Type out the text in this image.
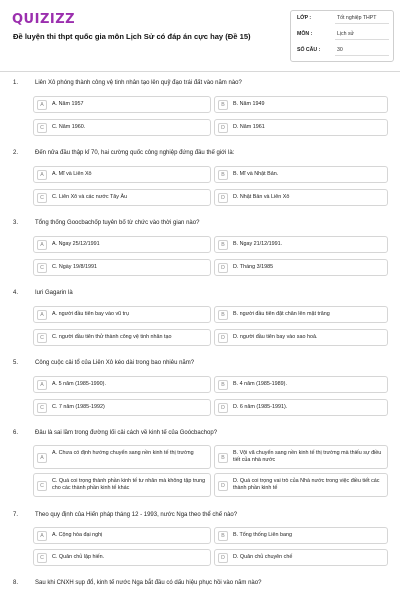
QUIZIZZ
Đề luyện thi thpt quốc gia môn Lịch Sử có đáp án cực hay (Đề 15)
LỚP :	Tốt nghiệp THPT
MÔN :	Lịch sử
SỐ CÂU :	30
1.	Liên Xô phóng thành công vệ tinh nhân tạo lên quỹ đạo trái đất vào năm nào?
A	A. Năm 1957	B	B. Năm 1949
C	C. Năm 1960.	D	D. Năm 1961
2.	Đến nửa đầu thập kỉ 70, hai cường quốc công nghiệp đứng đầu thế giới là:
A	A. Mĩ và Liên Xô	B	B. Mĩ và Nhật Bản.
C	C. Liên Xô và các nước Tây Âu	D	D. Nhật Bản và Liên Xô
3.	Tổng thống Goocbachốp tuyên bố từ chức vào thời gian nào?
A	A. Ngay 25/12/1991	B	B. Ngay 21/12/1991.
C	C. Ngày 19/8/1991	D	D. Tháng 3/1985
4.	Iuri Gagarin là
A	A. người đầu tiên bay vào vũ trụ	B	B. người đầu tiên đặt chân lên mặt trăng
C	C. người đầu tiên thử thành công vệ tinh nhân tạo	D	D. người đầu tiên bay vào sao hoả.
5.	Công cuộc cải tổ của Liên Xô kéo dài trong bao nhiêu năm?
A	A. 5 năm (1985-1990).	B	B. 4 năm (1985-1989).
C	C. 7 năm (1985-1992)	D	D. 6 năm (1985-1991).
6.	Đâu là sai lầm trong đường lối cải cách về kinh tế của Goócbachop?
A
A. Chưa có định hướng chuyển sang nền kinh tế thị trường
B
B. Vội vã chuyển sang nền kinh tế thị trường mà thiếu sự điều tiết của nhà nước
C
C. Quá coi trọng thành phần kinh tế tư nhân mà không tập trung cho các thành phần kinh tế khác	D
D. Quá coi trọng vai trò của Nhà nước trong việc điều tiết các thành phần kinh tế
7.	Theo quy định của Hiến pháp tháng 12 - 1993, nước Nga theo thể chế nào?
A	A. Cộng hòa đại nghị	B	B. Tổng thống Liên bang
C	C. Quân chủ lập hiến.	D	D. Quân chủ chuyên chế
8.	Sau khi CNXH sụp đổ, kinh tế nước Nga bắt đầu có dấu hiệu phục hồi vào năm nào?
